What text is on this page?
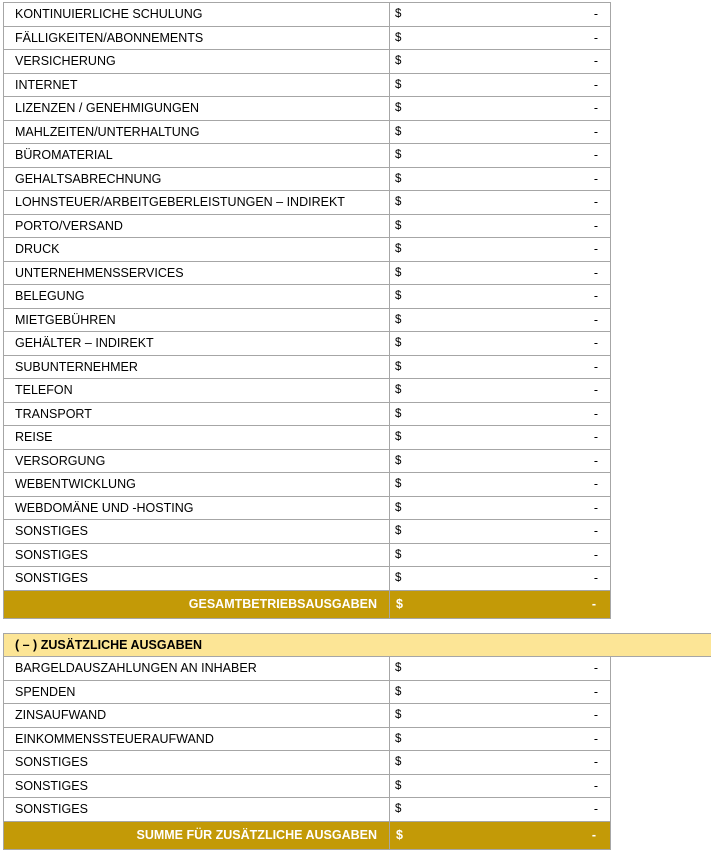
KONTINUIERLICHE SCHULUNG	$ -

FÄLLIGKEITEN/ABONNEMENTS	$ -

VERSICHERUNG	$ -

INTERNET	$ -

LIZENZEN / GENEHMIGUNGEN	$ -

MAHLZEITEN/UNTERHALTUNG	$ -

BÜROMATERIAL	$ -

GEHALTSABRECHNUNG	$ -

LOHNSTEUER/ARBEITGEBERLEISTUNGEN – INDIREKT	$ -

PORTO/VERSAND	$ -

DRUCK	$ -

UNTERNEHMENSSERVICES	$ -

BELEGUNG	$ -

MIETGEBÜHREN	$ -

GEHÄLTER – INDIREKT	$ -

SUBUNTERNEHMER	$ -

TELEFON	$ -

TRANSPORT	$ -

REISE	$ -

VERSORGUNG	$ -

WEBENTWICKLUNG	$ -

WEBDOMÄNE UND -HOSTING	$ -

SONSTIGES	$ -

SONSTIGES	$ -

SONSTIGES	$ -

GESAMTBETRIEBSAUSGABEN	$ -
( – ) ZUSÄTZLICHE AUSGABEN
BARGELDAUSZAHLUNGEN AN INHABER	$ -

SPENDEN	$ -

ZINSAUFWAND	$ -

EINKOMMENSSTEUERAUFWAND	$ -

SONSTIGES	$ -

SONSTIGES	$ -

SONSTIGES	$ -

SUMME FÜR ZUSÄTZLICHE AUSGABEN	$ -
